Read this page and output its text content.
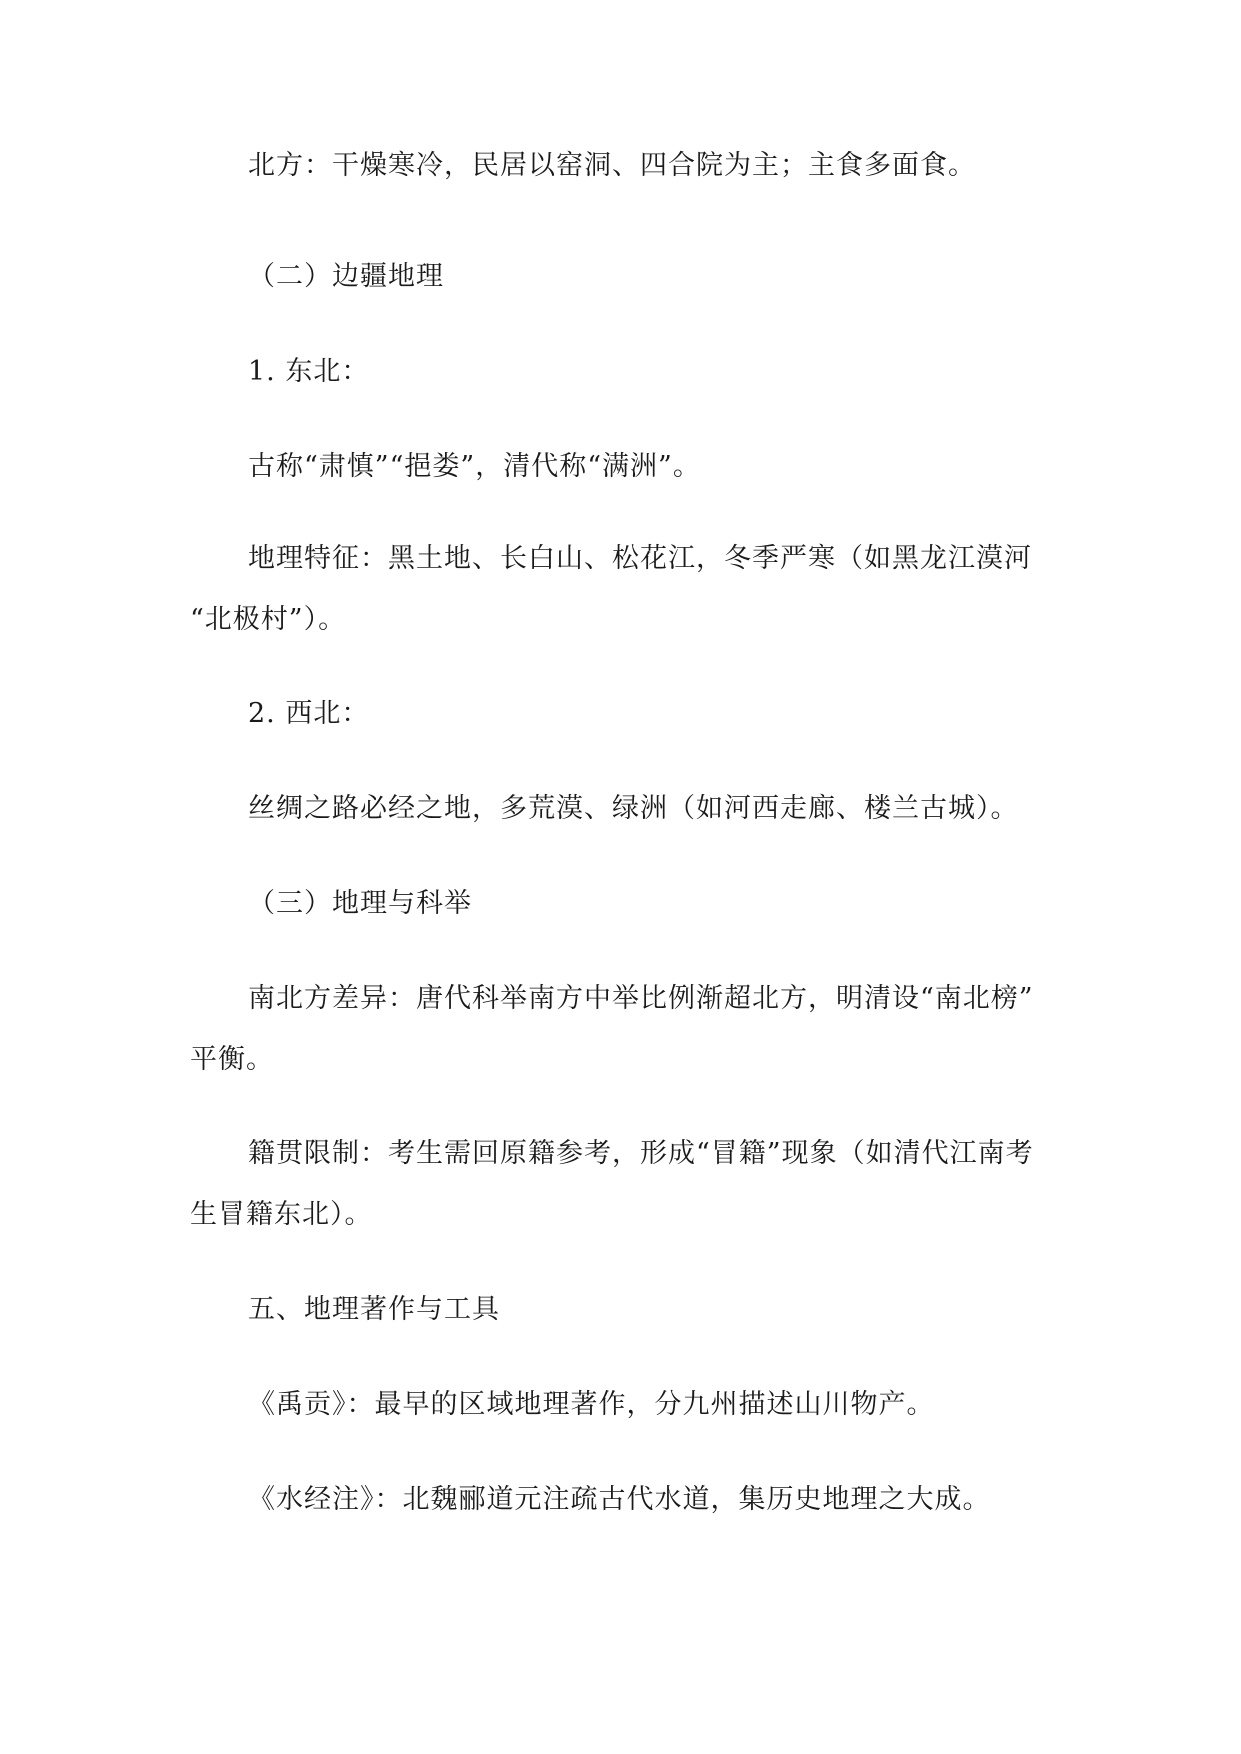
北方：干燥寒冷，民居以窑洞、四合院为主；主食多面食。
（二）边疆地理
1. 东北：
古称“肃慎”“挹娄”，清代称“满洲”。
地理特征：黑土地、长白山、松花江，冬季严寒（如黑龙江漠河
“北极村”）。
2. 西北：
丝绸之路必经之地，多荒漠、绿洲（如河西走廊、楼兰古城）。
（三）地理与科举
南北方差异：唐代科举南方中举比例渐超北方，明清设“南北榜”
平衡。
籍贯限制：考生需回原籍参考，形成“冒籍”现象（如清代江南考
生冒籍东北）。
五、地理著作与工具
《禹贡》：最早的区域地理著作，分九州描述山川物产。
《水经注》：北魏郦道元注疏古代水道，集历史地理之大成。
